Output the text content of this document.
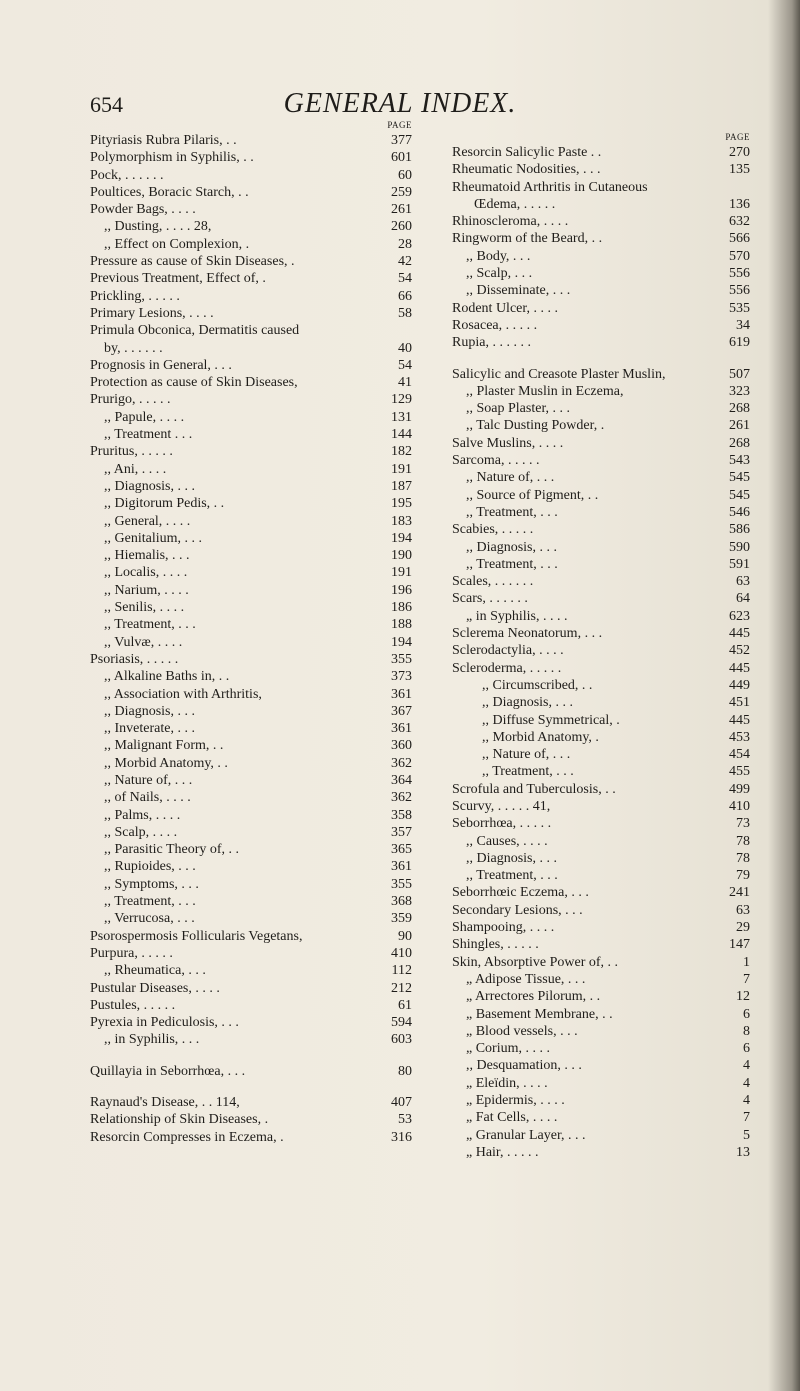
654	GENERAL INDEX.
PAGE
Pityriasis Rubra Pilaris, . .	377
Polymorphism in Syphilis, . .	601
Pock, . . . . . .	60
Poultices, Boracic Starch, . .	259
Powder Bags, . . . .	261
,, Dusting, . . . . 28,	260
,, Effect on Complexion, .	28
Pressure as cause of Skin Diseases, .	42
Previous Treatment, Effect of, .	54
Prickling, . . . . .	66
Primary Lesions, . . . .	58
Primula Obconica, Dermatitis caused
by, . . . . . .	40
Prognosis in General, . . .	54
Protection as cause of Skin Diseases,	41
Prurigo, . . . . .	129
,, Papule, . . . .	131
,, Treatment . . .	144
Pruritus, . . . . .	182
,, Ani, . . . .	191
,, Diagnosis, . . .	187
,, Digitorum Pedis, . .	195
,, General, . . . .	183
,, Genitalium, . . .	194
,, Hiemalis, . . .	190
,, Localis, . . . .	191
,, Narium, . . . .	196
,, Senilis, . . . .	186
,, Treatment, . . .	188
,, Vulvæ, . . . .	194
Psoriasis, . . . . .	355
,, Alkaline Baths in, . .	373
,, Association with Arthritis,	361
,, Diagnosis, . . .	367
,, Inveterate, . . .	361
,, Malignant Form, . .	360
,, Morbid Anatomy, . .	362
,, Nature of, . . .	364
,, of Nails, . . . .	362
,, Palms, . . . .	358
,, Scalp, . . . .	357
,, Parasitic Theory of, . .	365
,, Rupioides, . . .	361
,, Symptoms, . . .	355
,, Treatment, . . .	368
,, Verrucosa, . . .	359
Psorospermosis Follicularis Vegetans,	90
Purpura, . . . . .	410
,, Rheumatica, . . .	112
Pustular Diseases, . . . .	212
Pustules, . . . . .	61
Pyrexia in Pediculosis, . . .	594
,, in Syphilis, . . .	603
Quillayia in Seborrhœa, . . .	80
Raynaud's Disease, . . 114,	407
Relationship of Skin Diseases, .	53
Resorcin Compresses in Eczema, .	316
PAGE
Resorcin Salicylic Paste . .	270
Rheumatic Nodosities, . . .	135
Rheumatoid Arthritis in Cutaneous
Œdema, . . . . .	136
Rhinoscleroma, . . . .	632
Ringworm of the Beard, . .	566
,, Body, . . .	570
,, Scalp, . . .	556
,, Disseminate, . . .	556
Rodent Ulcer, . . . .	535
Rosacea, . . . . .	34
Rupia, . . . . . .	619
Salicylic and Creasote Plaster Muslin,	507
,, Plaster Muslin in Eczema,	323
,, Soap Plaster, . . .	268
,, Talc Dusting Powder, .	261
Salve Muslins, . . . .	268
Sarcoma, . . . . .	543
,, Nature of, . . .	545
,, Source of Pigment, . .	545
,, Treatment, . . .	546
Scabies, . . . . .	586
,, Diagnosis, . . .	590
,, Treatment, . . .	591
Scales, . . . . . .	63
Scars, . . . . . .	64
„ in Syphilis, . . . .	623
Sclerema Neonatorum, . . .	445
Sclerodactylia, . . . .	452
Scleroderma, . . . . .	445
,, Circumscribed, . .	449
,, Diagnosis, . . .	451
,, Diffuse Symmetrical, .	445
,, Morbid Anatomy, .	453
,, Nature of, . . .	454
,, Treatment, . . .	455
Scrofula and Tuberculosis, . .	499
Scurvy, . . . . . 41,	410
Seborrhœa, . . . . .	73
,, Causes, . . . .	78
,, Diagnosis, . . .	78
,, Treatment, . . .	79
Seborrhœic Eczema, . . .	241
Secondary Lesions, . . .	63
Shampooing, . . . .	29
Shingles, . . . . .	147
Skin, Absorptive Power of, . .	1
„ Adipose Tissue, . . .	7
„ Arrectores Pilorum, . .	12
„ Basement Membrane, . .	6
„ Blood vessels, . . .	8
„ Corium, . . . .	6
,, Desquamation, . . .	4
„ Eleïdin, . . . .	4
„ Epidermis, . . . .	4
„ Fat Cells, . . . .	7
„ Granular Layer, . . .	5
„ Hair, . . . . .	13
